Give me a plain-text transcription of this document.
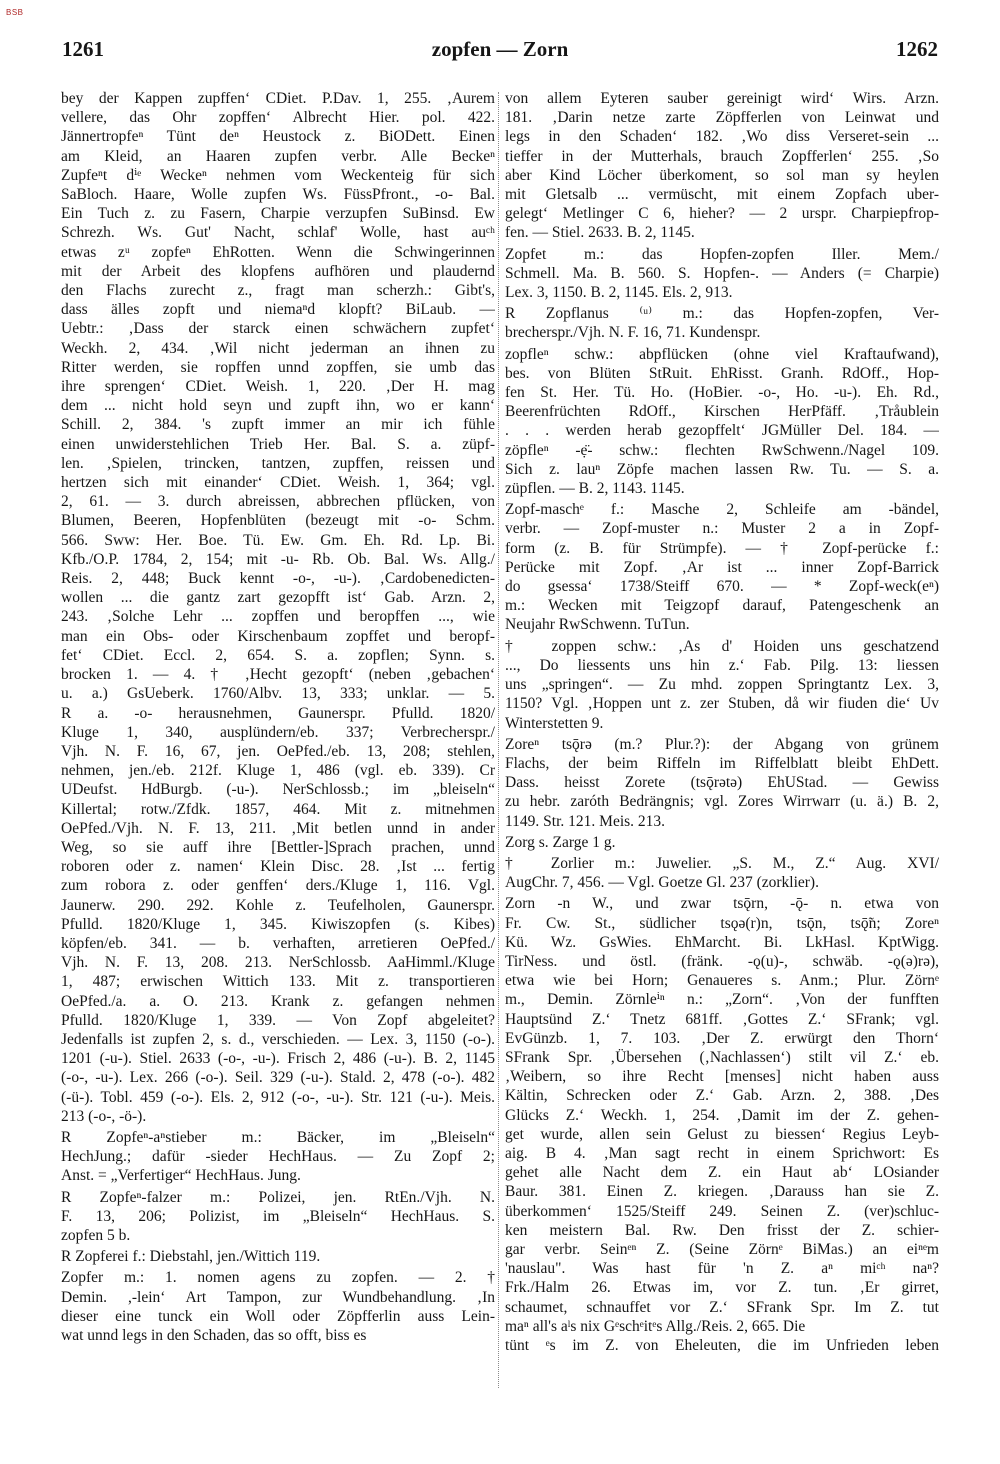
BSB
1261	zopfen — Zorn	1262

bey der Kappen zupffen‘ CDiet. P.Dav. 1, 255. ‚Aurem

vellere, das Ohr zopffen‘ Albrecht Hier. pol. 422.

Jännertropfeⁿ Tünt deⁿ Heustock z. BiODett. Einen

am Kleid, an Haaren zupfen verbr. Alle Beckeⁿ

Zupfeⁿt dⁱᵉ Weckeⁿ nehmen vom Weckenteig für sich

SaBloch. Haare, Wolle zupfen Ws. FüssPfront., -o- Bal.

Ein Tuch z. zu Fasern, Charpie verzupfen SuBinsd. Ew

Schrezh. Ws. Gut' Nacht, schlaf' Wolle, hast auᶜʰ

etwas zᵘ zopfeⁿ EhRotten. Wenn die Schwingerinnen

mit der Arbeit des klopfens aufhören und plaudernd

den Flachs zurecht z., fragt man scherzh.: Gibt's,

dass älles zopft und niemaⁿd klopft? BiLaub. —

Uebtr.: ‚Dass der starck einen schwächern zupfet‘

Weckh. 2, 434. ‚Wil nicht jederman an ihnen zu

Ritter werden, sie ropffen unnd zopffen, sie umb das

ihre sprengen‘ CDiet. Weish. 1, 220. ‚Der H. mag

dem ... nicht hold seyn und zupft ihn, wo er kann‘

Schill. 2, 384. 's zupft immer an mir ich fühle

einen unwiderstehlichen Trieb Her. Bal. S. a. züpf-

len. ‚Spielen, trincken, tantzen, zupffen, reissen und

hertzen sich mit einander‘ CDiet. Weish. 1, 364; vgl.

2, 61. — 3. durch abreissen, abbrechen pflücken, von

Blumen, Beeren, Hopfenblüten (bezeugt mit -o- Schm.

566. Sww: Her. Boe. Tü. Ew. Gm. Eh. Rd. Lp. Bi.

Kfb./O.P. 1784, 2, 154; mit -u- Rb. Ob. Bal. Ws. Allg./

Reis. 2, 448; Buck kennt -o-, -u-). ‚Cardobenedicten-

wollen ... die gantz zart gezopfft ist‘ Gab. Arzn. 2,

243. ‚Solche Lehr ... zopffen und beropffen ..., wie

man ein Obs- oder Kirschenbaum zopffet und beropf-

fet‘ CDiet. Eccl. 2, 654. S. a. zopflen; Synn. s.

brocken 1. — 4. † ‚Hecht gezopft‘ (neben ‚gebachen‘

u. a.) GsUeberk. 1760/Albv. 13, 333; unklar. — 5.

R a. -o- herausnehmen, Gaunerspr. Pfulld. 1820/

Kluge 1, 340, ausplündern/eb. 337; Verbrecherspr./

Vjh. N. F. 16, 67, jen. OePfed./eb. 13, 208; stehlen,

nehmen, jen./eb. 212f. Kluge 1, 486 (vgl. eb. 339). Cr

UDeufst. HdBurgb. (-u-). NerSchlossb.; im „bleiseln“

Killertal; rotw./Zfdk. 1857, 464. Mit z. mitnehmen

OePfed./Vjh. N. F. 13, 211. ‚Mit betlen unnd in ander

Weg, so sie auff ihre [Bettler-]Sprach prachen, unnd

roboren oder z. namen‘ Klein Disc. 28. ‚Ist ... fertig

zum robora z. oder genffen‘ ders./Kluge 1, 116. Vgl.

Jaunerw. 290. 292. Kohle z. Teufelholen, Gaunerspr.

Pfulld. 1820/Kluge 1, 345. Kiwiszopfen (s. Kibes)

köpfen/eb. 341. — b. verhaften, arretieren OePfed./

Vjh. N. F. 13, 208. 213. NerSchlossb. AaHimml./Kluge

1, 487; erwischen Wittich 133. Mit z. transportieren

OePfed./a. a. O. 213. Krank z. gefangen nehmen

Pfulld. 1820/Kluge 1, 339. — Von Zopf abgeleitet?

Jedenfalls ist zupfen 2, s. d., verschieden. — Lex. 3, 1150 (-o-).

1201 (-u-). Stiel. 2633 (-o-, -u-). Frisch 2, 486 (-u-). B. 2, 1145

(-o-, -u-). Lex. 266 (-o-). Seil. 329 (-u-). Stald. 2, 478 (-o-). 482

(-ü-). Tobl. 459 (-o-). Els. 2, 912 (-o-, -u-). Str. 121 (-u-). Meis.

213 (-o-, -ö-).

R Zopfeⁿ-aⁿstieber m.: Bäcker, im „Bleiseln“

HechJung.; dafür -sieder HechHaus. — Zu Zopf 2;

Anst. = „Verfertiger“ HechHaus. Jung.

R Zopfeⁿ-falzer m.: Polizei, jen. RtEn./Vjh. N.

F. 13, 206; Polizist, im „Bleiseln“ HechHaus. S.

zopfen 5 b.

R Zopferei f.: Diebstahl, jen./Wittich 119.

Zopfer m.: 1. nomen agens zu zopfen. — 2. †

Demin. ,-lein‘ Art Tampon, zur Wundbehandlung. ‚In

dieser eine tunck ein Woll oder Zöpfferlin auss Lein-

wat unnd legs in den Schaden, das so offt, biss es

von allem Eyteren sauber gereinigt wird‘ Wirs. Arzn.

181. ‚Darin netze zarte Zöpfferlen von Leinwat und

legs in den Schaden‘ 182. ‚Wo diss Verseret-sein ...

tieffer in der Mutterhals, brauch Zopfferlen‘ 255. ‚So

aber Kind Löcher überkoment, so sol man sy heylen

mit Gletsalb ... vermüscht, mit einem Zopfach uber-

gelegt‘ Metlinger C 6, hieher? — 2 urspr. Charpiepfrop-

fen. — Stiel. 2633. B. 2, 1145.

Zopfet m.: das Hopfen-zopfen Iller. Mem./

Schmell. Ma. B. 560. S. Hopfen-. — Anders (= Charpie)

Lex. 3, 1150. B. 2, 1145. Els. 2, 913.

R Zopflanus ⁽ᵘ⁾ m.: das Hopfen-zopfen, Ver-

brecherspr./Vjh. N. F. 16, 71. Kundenspr.

zopfleⁿ schw.: abpflücken (ohne viel Kraftaufwand),

bes. von Blüten StRuit. EhRisst. Granh. RdOff., Hop-

fen St. Her. Tü. Ho. (HoBier. -o-, Ho. -u-). Eh. Rd.,

Beerenfrüchten RdOff., Kirschen HerPfäff. ‚Tråublein

. . . werden herab gezopffelt‘ JGMüller Del. 184. —

zöpfleⁿ -ẹ̈- schw.: flechten RwSchwenn./Nagel 109.

Sich z. lauⁿ Zöpfe machen lassen Rw. Tu. — S. a.

züpflen. — B. 2, 1143. 1145.

Zopf-maschᵉ f.: Masche 2, Schleife am -bändel,

verbr. — Zopf-muster n.: Muster 2 a in Zopf-

form (z. B. für Strümpfe). — † Zopf-perücke f.:

Perücke mit Zopf. ‚Ar ist ... inner Zopf-Barrick

do gsessa‘ 1738/Steiff 670. — * Zopf-weck(eⁿ)

m.: Wecken mit Teigzopf darauf, Patengeschenk an

Neujahr RwSchwenn. TuTun.

† zoppen schw.: ‚As d' Hoiden uns geschatzend

..., Do liessents uns hin z.‘ Fab. Pilg. 13: liessen

uns „springen“. — Zu mhd. zoppen Springtantz Lex. 3,

1150? Vgl. ‚Hoppen unt z. zer Stuben, då wir fiuden die‘ Uv

Winterstetten 9.

Zoreⁿ tsǭrə (m.? Plur.?): der Abgang von grünem

Flachs, der beim Riffeln im Riffelblatt bleibt EhDett.

Dass. heisst Zorete (tsǭrətə) EhUStad. — Gewiss

zu hebr. zaróth Bedrängnis; vgl. Zores Wirrwarr (u. ä.) B. 2,

1149. Str. 121. Meis. 213.

Zorg s. Zarge 1 g.

† Zorlier m.: Juwelier. „S. M., Z.“ Aug. XVI/

AugChr. 7, 456. — Vgl. Goetze Gl. 237 (zorklier).

Zorn -n W., und zwar tsǭrn, -ǭ- n. etwa von

Fr. Cw. St., südlicher tsǫə(r)n, tsǭn, tsǭ̃n; Zoreⁿ

Kü. Wz. GsWies. EhMarcht. Bi. LkHasl. KptWigg.

TirNess. und östl. (fränk. -ǫ(u)-, schwäb. -ǫ(ə)rə),

etwa wie bei Horn; Genaueres s. Anm.; Plur. Zörnᵉ

m., Demin. Zörnleⁱⁿ n.: „Zorn“. ‚Von der funfften

Hauptsünd Z.‘ Tnetz 681ff. ‚Gottes Z.‘ SFrank; vgl.

EvGünzb. 1, 7. 103. ‚Der Z. erwürgt den Thorn‘

SFrank Spr. ‚Übersehen (‚Nachlassen‘) stilt vil Z.‘ eb.

‚Weibern, so ihre Recht [menses] nicht haben auss

Kältin, Schrecken oder Z.‘ Gab. Arzn. 2, 388. ‚Des

Glücks Z.‘ Weckh. 1, 254. ‚Damit im der Z. gehen-

get wurde, allen sein Gelust zu biessen‘ Regius Leyb-

aig. B 4. ‚Man sagt recht in einem Sprichwort: Es

gehet alle Nacht dem Z. ein Haut ab‘ LOsiander

Baur. 381. Einen Z. kriegen. ‚Darauss han sie Z.

überkommen‘ 1525/Steiff 249. Seinen Z. (ver)schluc-

ken meistern Bal. Rw. Den frisst der Z. schier-

gar verbr. Seinᵉⁿ Z. (Seine Zörnᵉ BiMas.) an eiⁿᵉm

'nauslau". Was hast für 'n Z. aⁿ miᶜʰ naⁿ?

Frk./Halm 26. Etwas im, vor Z. tun. ‚Er girret,

schaumet, schnauffet vor Z.‘ SFrank Spr. Im Z. tut

maⁿ all's aˡs nix Gᵉschᵉitᵉs Allg./Reis. 2, 665. Die

tünt ᵉs im Z. von Eheleuten, die im Unfrieden leben
